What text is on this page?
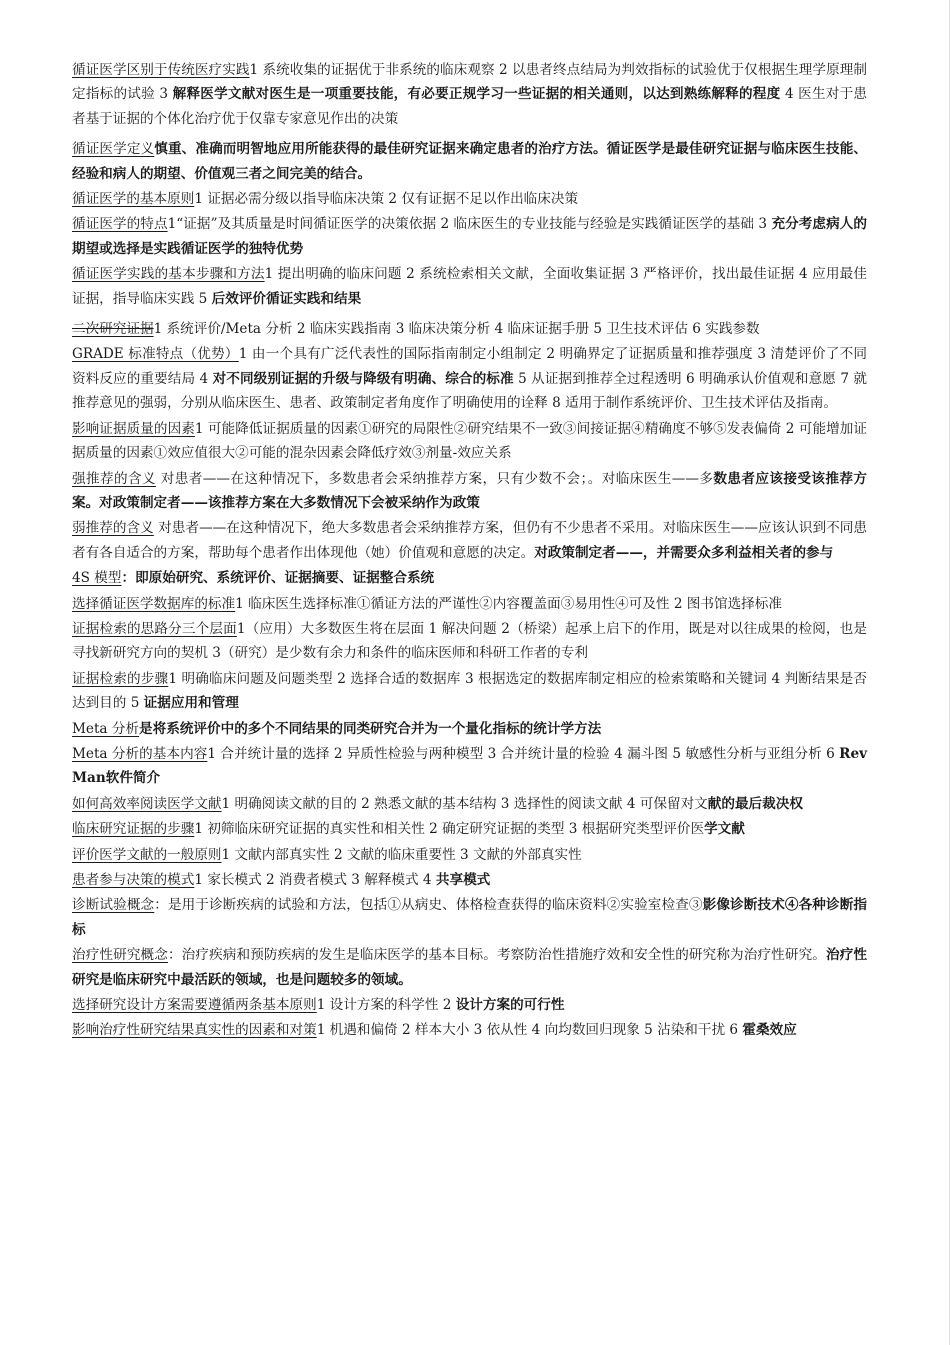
循证医学区别于传统医疗实践1 系统收集的证据优于非系统的临床观察 2 以患者终点结局为判效指标的试验优于仅根据生理学原理制定指标的试验 3 解释医学文献对医生是一项重要技能，有必要正规学习一些证据的相关通则，以达到熟练解释的程度 4 医生对于患者基于证据的个体化治疗优于仅靠专家意见作出的决策

循证医学定义慎重、准确而明智地应用所能获得的最佳研究证据来确定患者的治疗方法。循证医学是最佳研究证据与临床医生技能、经验和病人的期望、价值观三者之间完美的结合。

循证医学的基本原则1 证据必需分级以指导临床决策 2 仅有证据不足以作出临床决策

循证医学的特点1“证据”及其质量是时间循证医学的决策依据 2 临床医生的专业技能与经验是实践循证医学的基础 3 充分考虑病人的期望或选择是实践循证医学的独特优势

循证医学实践的基本步骤和方法1 提出明确的临床问题 2 系统检索相关文献，全面收集证据 3 严格评价，找出最佳证据 4 应用最佳证据，指导临床实践 5 后效评价循证实践和结果

二次研究证据1 系统评价/Meta 分析 2 临床实践指南 3 临床决策分析 4 临床证据手册 5 卫生技术评估 6 实践参数

GRADE 标准特点（优势）1 由一个具有广泛代表性的国际指南制定小组制定 2 明确界定了证据质量和推荐强度 3 清楚评价了不同资料反应的重要结局 4 对不同级别证据的升级与降级有明确、综合的标准 5 从证据到推荐全过程透明 6 明确承认价值观和意愿 7 就推荐意见的强弱，分别从临床医生、患者、政策制定者角度作了明确使用的诠释 8 适用于制作系统评价、卫生技术评估及指南。

影响证据质量的因素1 可能降低证据质量的因素①研究的局限性②研究结果不一致③间接证据④精确度不够⑤发表偏倚 2 可能增加证据质量的因素①效应值很大②可能的混杂因素会降低疗效③剂量-效应关系

强推荐的含义 对患者——在这种情况下，多数患者会采纳推荐方案，只有少数不会；。对临床医生——多数患者应该接受该推荐方案。对政策制定者——该推荐方案在大多数情况下会被采纳作为政策

弱推荐的含义 对患者——在这种情况下，绝大多数患者会采纳推荐方案，但仍有不少患者不采用。对临床医生——应该认识到不同患者有各自适合的方案，帮助每个患者作出体现他（她）价值观和意愿的决定。对政策制定者——，并需要众多利益相关者的参与

4S 模型：即原始研究、系统评价、证据摘要、证据整合系统

选择循证医学数据库的标准1 临床医生选择标准①循证方法的严谨性②内容覆盖面③易用性④可及性 2 图书馆选择标准

证据检索的思路分三个层面1（应用）大多数医生将在层面 1 解决问题 2（桥梁）起承上启下的作用，既是对以往成果的检阅，也是寻找新研究方向的契机 3（研究）是少数有余力和条件的临床医师和科研工作者的专利

证据检索的步骤1 明确临床问题及问题类型 2 选择合适的数据库 3 根据选定的数据库制定相应的检索策略和关键词 4 判断结果是否达到目的 5 证据应用和管理

Meta 分析是将系统评价中的多个不同结果的同类研究合并为一个量化指标的统计学方法

Meta 分析的基本内容1 合并统计量的选择 2 异质性检验与两种模型 3 合并统计量的检验 4 漏斗图 5 敏感性分析与亚组分析 6 RevMan软件简介

如何高效率阅读医学文献1 明确阅读文献的目的 2 熟悉文献的基本结构 3 选择性的阅读文献 4 可保留对文献的最后裁决权

临床研究证据的步骤1 初筛临床研究证据的真实性和相关性 2 确定研究证据的类型 3 根据研究类型评价医学文献

评价医学文献的一般原则1 文献内部真实性 2 文献的临床重要性 3 文献的外部真实性

患者参与决策的模式1 家长模式 2 消费者模式 3 解释模式 4 共享模式

诊断试验概念：是用于诊断疾病的试验和方法，包括①从病史、体格检查获得的临床资料②实验室检查③影像诊断技术④各种诊断指标

治疗性研究概念：治疗疾病和预防疾病的发生是临床医学的基本目标。考察防治性措施疗效和安全性的研究称为治疗性研究。治疗性研究是临床研究中最活跃的领域，也是问题较多的领域。

选择研究设计方案需要遵循两条基本原则1 设计方案的科学性 2 设计方案的可行性

影响治疗性研究结果真实性的因素和对策1 机遇和偏倚 2 样本大小 3 依从性 4 向均数回归现象 5 沾染和干扰 6 霍桑效应
